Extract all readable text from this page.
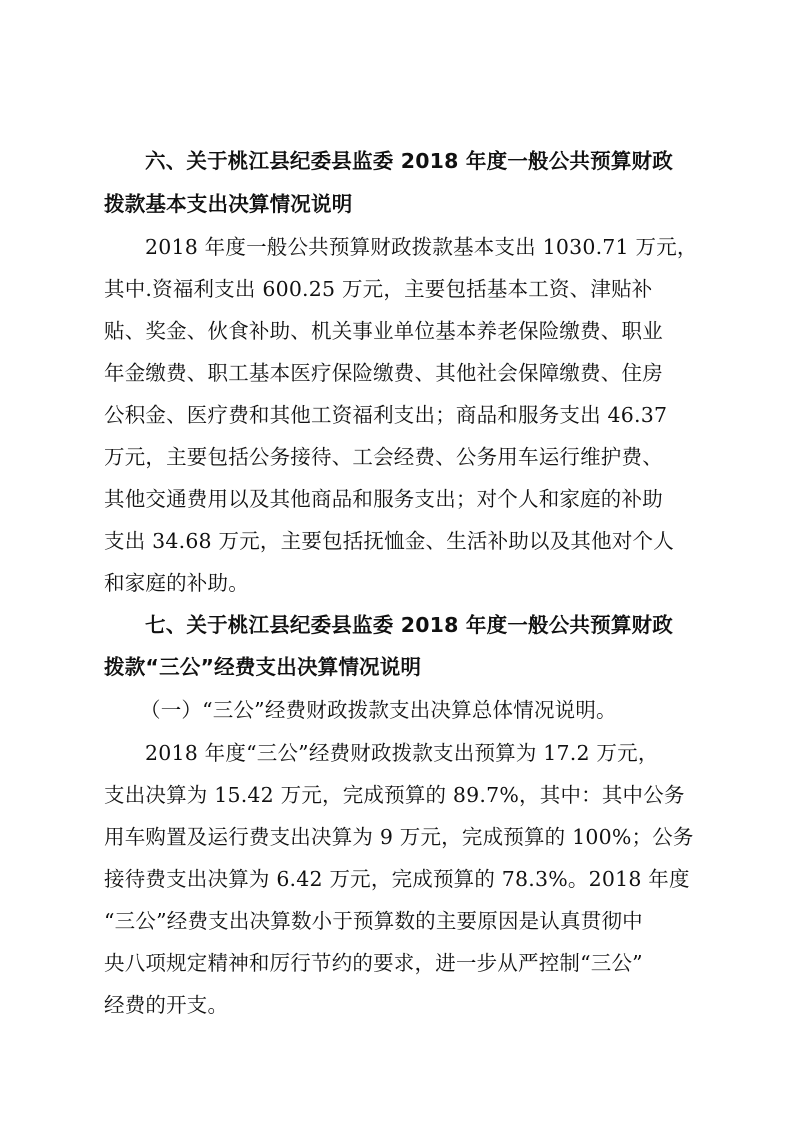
六、关于桃江县纪委县监委 2018 年度一般公共预算财政
拨款基本支出决算情况说明
2018 年度一般公共预算财政拨款基本支出 1030.71 万元，
其中.资福利支出 600.25 万元，主要包括基本工资、津贴补
贴、奖金、伙食补助、机关事业单位基本养老保险缴费、职业
年金缴费、职工基本医疗保险缴费、其他社会保障缴费、住房
公积金、医疗费和其他工资福利支出；商品和服务支出 46.37
万元，主要包括公务接待、工会经费、公务用车运行维护费、
其他交通费用以及其他商品和服务支出；对个人和家庭的补助
支出 34.68 万元，主要包括抚恤金、生活补助以及其他对个人
和家庭的补助。
七、关于桃江县纪委县监委 2018 年度一般公共预算财政
拨款“三公”经费支出决算情况说明
（一）“三公”经费财政拨款支出决算总体情况说明。
2018 年度“三公”经费财政拨款支出预算为 17.2 万元，
支出决算为 15.42 万元，完成预算的 89.7%，其中：其中公务
用车购置及运行费支出决算为 9 万元，完成预算的 100%；公务
接待费支出决算为 6.42 万元，完成预算的 78.3%。2018 年度
“三公”经费支出决算数小于预算数的主要原因是认真贯彻中
央八项规定精神和厉行节约的要求，进一步从严控制“三公”
经费的开支。
